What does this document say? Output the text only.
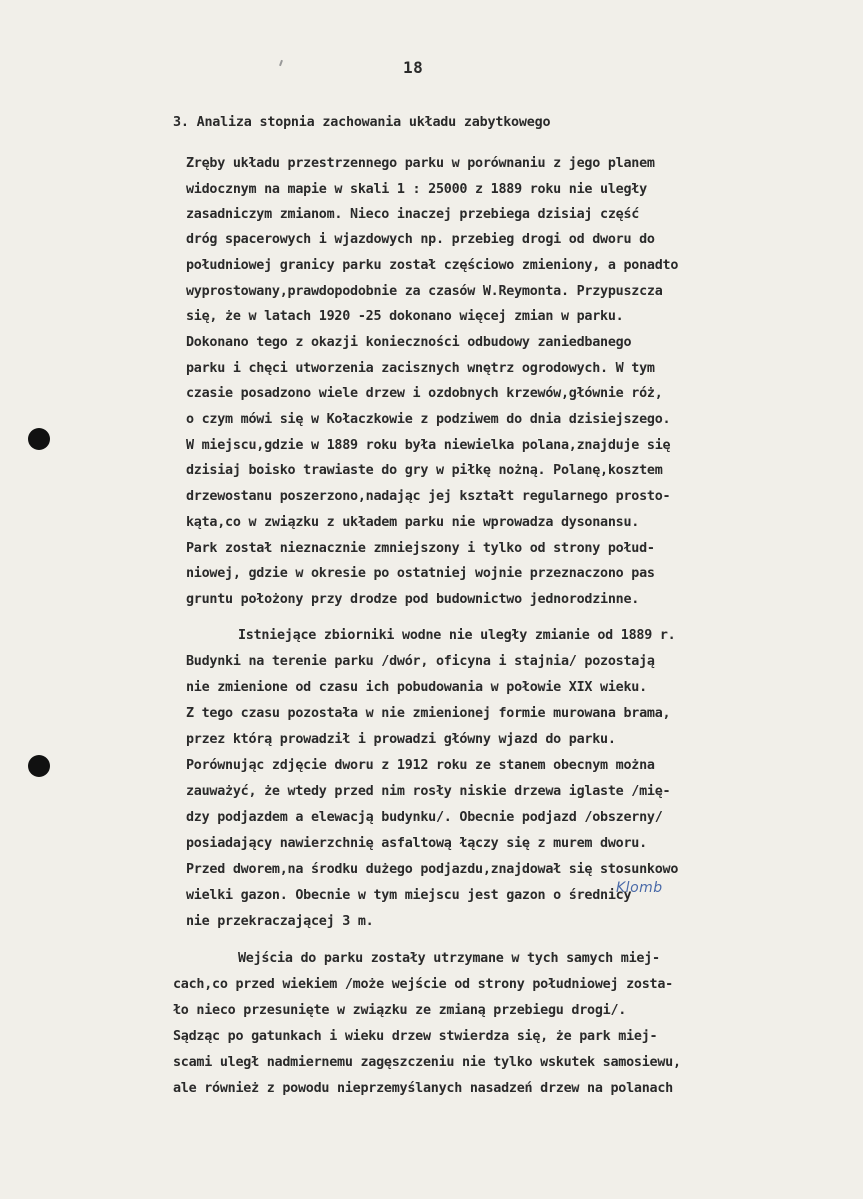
18
3. Analiza stopnia zachowania układu zabytkowego
Zręby układu przestrzennego parku w porównaniu z jego planem
widocznym na mapie w skali 1 : 25000 z 1889 roku nie uległy
zasadniczym zmianom. Nieco inaczej przebiega dzisiaj część
dróg spacerowych i wjazdowych np. przebieg drogi od dworu do
południowej granicy parku został częściowo zmieniony, a ponadto
wyprostowany,prawdopodobnie za czasów W.Reymonta. Przypuszcza
się, że w latach 1920 -25 dokonano więcej zmian w parku.
Dokonano tego z okazji konieczności odbudowy zaniedbanego
parku i chęci utworzenia zacisznych wnętrz ogrodowych. W tym
czasie posadzono wiele drzew i ozdobnych krzewów,głównie róż,
o czym mówi się w Kołaczkowie z podziwem do dnia dzisiejszego.
W miejscu,gdzie w 1889 roku była niewielka polana,znajduje się
dzisiaj boisko trawiaste do gry w piłkę nożną. Polanę,kosztem
drzewostanu poszerzono,nadając jej kształt regularnego prosto-
kąta,co w związku z układem parku nie wprowadza dysonansu.
Park został nieznacznie zmniejszony i tylko od strony połud-
niowej, gdzie w okresie po ostatniej wojnie przeznaczono pas
gruntu położony przy drodze pod budownictwo jednorodzinne.
Istniejące zbiorniki wodne nie uległy zmianie od 1889 r.
Budynki na terenie parku /dwór, oficyna i stajnia/ pozostają
nie zmienione od czasu ich pobudowania w połowie XIX wieku.
Z tego czasu pozostała w nie zmienionej formie murowana brama,
przez którą prowadził i prowadzi główny wjazd do parku.
Porównując zdjęcie dworu z 1912 roku ze stanem obecnym można
zauważyć, że wtedy przed nim rosły niskie drzewa iglaste /mię-
dzy podjazdem a elewacją budynku/. Obecnie podjazd /obszerny/
posiadający nawierzchnię asfaltową łączy się z murem dworu.
Przed dworem,na środku dużego podjazdu,znajdował się stosunkowo
wielki gazon. Obecnie w tym miejscu jest gazon o średnicy
nie przekraczającej 3 m.
Wejścia do parku zostały utrzymane w tych samych miej-
cach,co przed wiekiem /może wejście od strony południowej zosta-
ło nieco przesunięte w związku ze zmianą przebiegu drogi/.
Sądząc po gatunkach i wieku drzew stwierdza się, że park miej-
scami uległ nadmiernemu zagęszczeniu nie tylko wskutek samosiewu,
ale również z powodu nieprzemyślanych nasadzeń drzew na polanach
Klomb
